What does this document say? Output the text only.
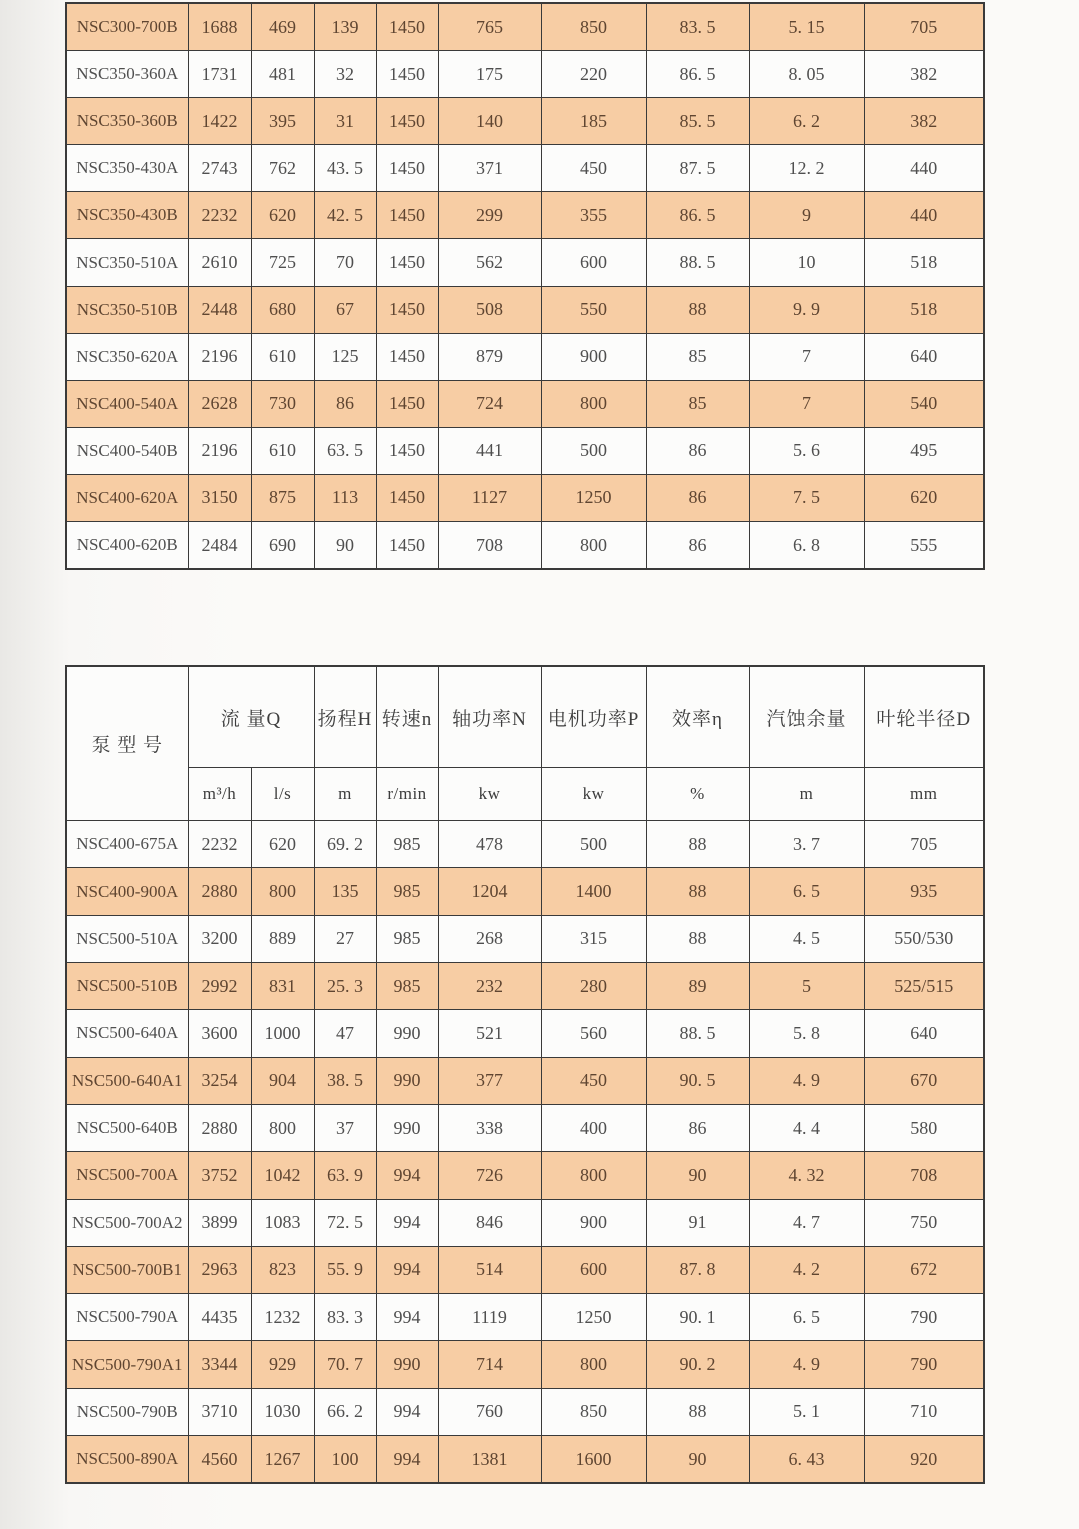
NSC300-700B	1688	469	139	1450	765	850	83. 5	5. 15	705
NSC350-360A	1731	481	32	1450	175	220	86. 5	8. 05	382
NSC350-360B	1422	395	31	1450	140	185	85. 5	6. 2	382
NSC350-430A	2743	762	43. 5	1450	371	450	87. 5	12. 2	440
NSC350-430B	2232	620	42. 5	1450	299	355	86. 5	9	440
NSC350-510A	2610	725	70	1450	562	600	88. 5	10	518
NSC350-510B	2448	680	67	1450	508	550	88	9. 9	518
NSC350-620A	2196	610	125	1450	879	900	85	7	640
NSC400-540A	2628	730	86	1450	724	800	85	7	540
NSC400-540B	2196	610	63. 5	1450	441	500	86	5. 6	495
NSC400-620A	3150	875	113	1450	1127	1250	86	7. 5	620
NSC400-620B	2484	690	90	1450	708	800	86	6. 8	555
泵 型 号	流 量Q		扬程H	转速n	轴功率N	电机功率P	效率η	汽蚀余量	叶轮半径D
	m³/h	l/s	m	r/min	kw	kw	%	m	mm
NSC400-675A	2232	620	69. 2	985	478	500	88	3. 7	705
NSC400-900A	2880	800	135	985	1204	1400	88	6. 5	935
NSC500-510A	3200	889	27	985	268	315	88	4. 5	550/530
NSC500-510B	2992	831	25. 3	985	232	280	89	5	525/515
NSC500-640A	3600	1000	47	990	521	560	88. 5	5. 8	640
NSC500-640A1	3254	904	38. 5	990	377	450	90. 5	4. 9	670
NSC500-640B	2880	800	37	990	338	400	86	4. 4	580
NSC500-700A	3752	1042	63. 9	994	726	800	90	4. 32	708
NSC500-700A2	3899	1083	72. 5	994	846	900	91	4. 7	750
NSC500-700B1	2963	823	55. 9	994	514	600	87. 8	4. 2	672
NSC500-790A	4435	1232	83. 3	994	1119	1250	90. 1	6. 5	790
NSC500-790A1	3344	929	70. 7	990	714	800	90. 2	4. 9	790
NSC500-790B	3710	1030	66. 2	994	760	850	88	5. 1	710
NSC500-890A	4560	1267	100	994	1381	1600	90	6. 43	920
